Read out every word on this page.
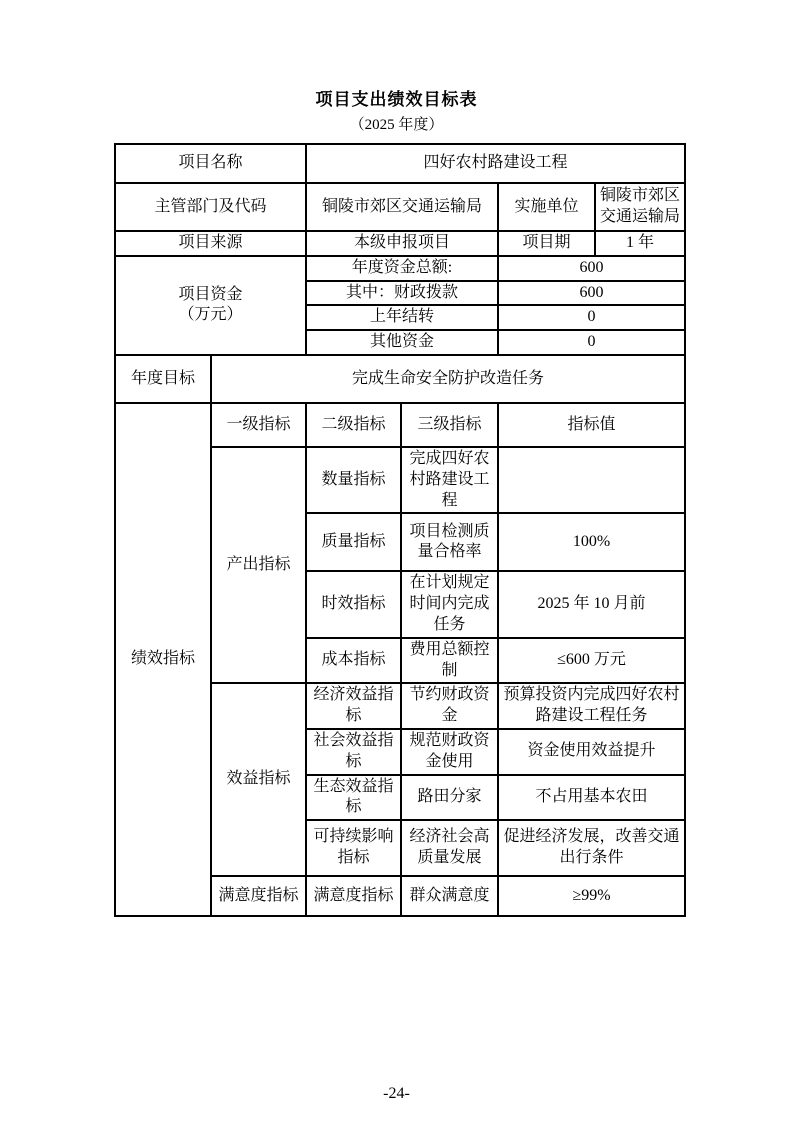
项目支出绩效目标表
（2025 年度）
项目名称		四好农村路建设工程			
主管部门及代码		铜陵市郊区交通运输局		实施单位	铜陵市郊区交通运输局
项目来源		本级申报项目		项目期	1 年
项目资金
（万元）		年度资金总额:		600	
		其中：财政拨款		600	
		上年结转		0	
		其他资金		0	
年度目标	完成生命安全防护改造任务				
绩效指标	一级指标	二级指标	三级指标	指标值	
	产出指标	数量指标	完成四好农村路建设工程		
		质量指标	项目检测质量合格率	100%	
		时效指标	在计划规定时间内完成任务	2025 年 10 月前	
		成本指标	费用总额控制	≤600 万元	
	效益指标	经济效益指标	节约财政资金	预算投资内完成四好农村路建设工程任务	
		社会效益指标	规范财政资金使用	资金使用效益提升	
		生态效益指标	路田分家	不占用基本农田	
		可持续影响指标	经济社会高质量发展	促进经济发展，改善交通出行条件	
	满意度指标	满意度指标	群众满意度	≥99%	
-24-
